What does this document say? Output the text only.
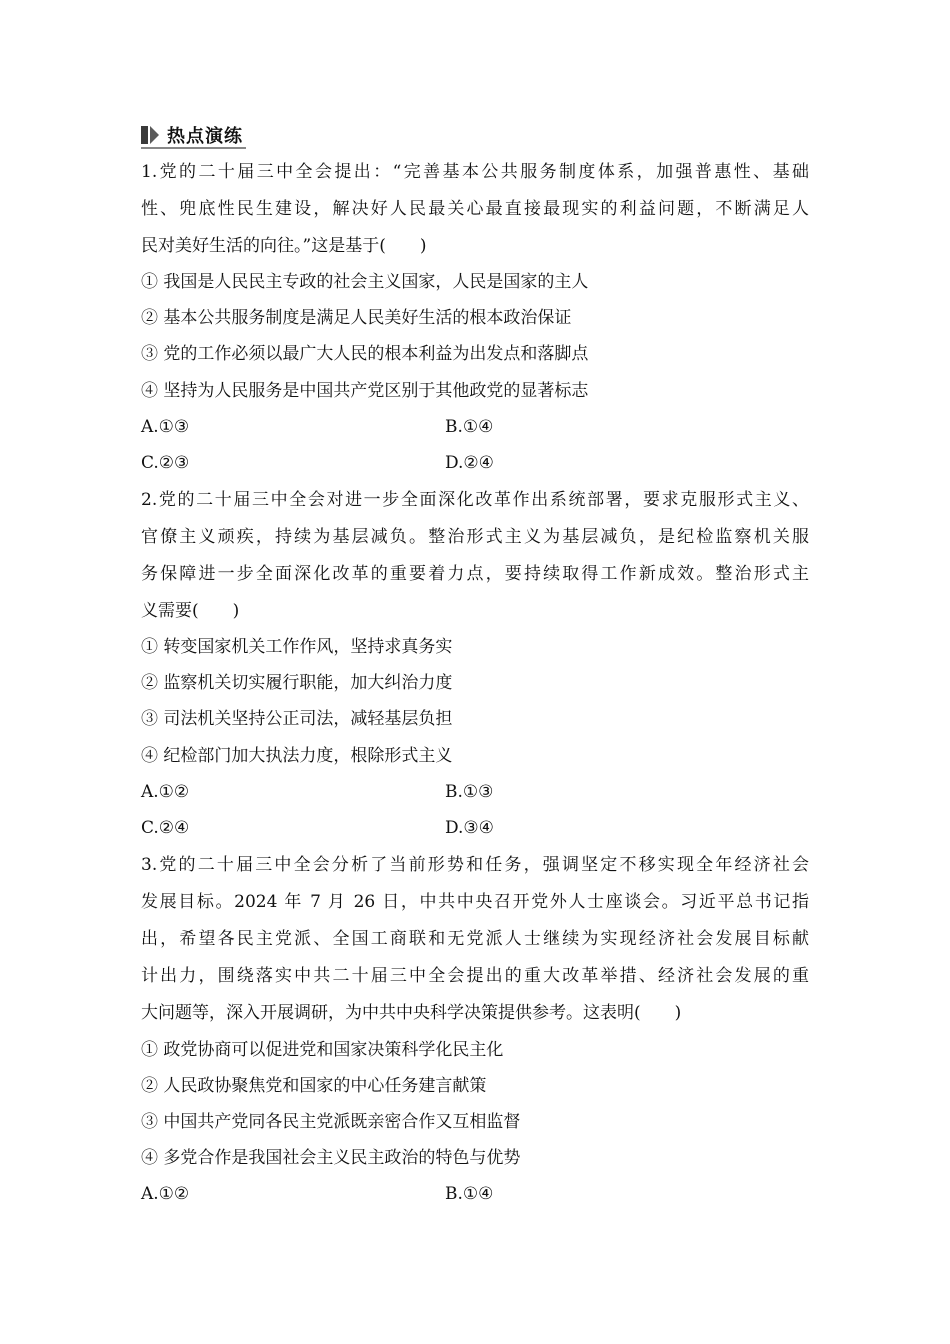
热点演练
1.党的二十届三中全会提出：“完善基本公共服务制度体系，加强普惠性、基础
性、兜底性民生建设，解决好人民最关心最直接最现实的利益问题，不断满足人
民对美好生活的向往。”这是基于(　　)
① 我国是人民民主专政的社会主义国家，人民是国家的主人
② 基本公共服务制度是满足人民美好生活的根本政治保证
③ 党的工作必须以最广大人民的根本利益为出发点和落脚点
④ 坚持为人民服务是中国共产党区别于其他政党的显著标志
A.①③	B.①④
C.②③	D.②④
2.党的二十届三中全会对进一步全面深化改革作出系统部署，要求克服形式主义、
官僚主义顽疾，持续为基层减负。整治形式主义为基层减负，是纪检监察机关服
务保障进一步全面深化改革的重要着力点，要持续取得工作新成效。整治形式主
义需要(　　)
① 转变国家机关工作作风，坚持求真务实
② 监察机关切实履行职能，加大纠治力度
③ 司法机关坚持公正司法，减轻基层负担
④ 纪检部门加大执法力度，根除形式主义
A.①②	B.①③
C.②④	D.③④
3.党的二十届三中全会分析了当前形势和任务，强调坚定不移实现全年经济社会
发展目标。2024 年 7 月 26 日，中共中央召开党外人士座谈会。习近平总书记指
出，希望各民主党派、全国工商联和无党派人士继续为实现经济社会发展目标献
计出力，围绕落实中共二十届三中全会提出的重大改革举措、经济社会发展的重
大问题等，深入开展调研，为中共中央科学决策提供参考。这表明(　　)
① 政党协商可以促进党和国家决策科学化民主化
② 人民政协聚焦党和国家的中心任务建言献策
③ 中国共产党同各民主党派既亲密合作又互相监督
④ 多党合作是我国社会主义民主政治的特色与优势
A.①②	B.①④
